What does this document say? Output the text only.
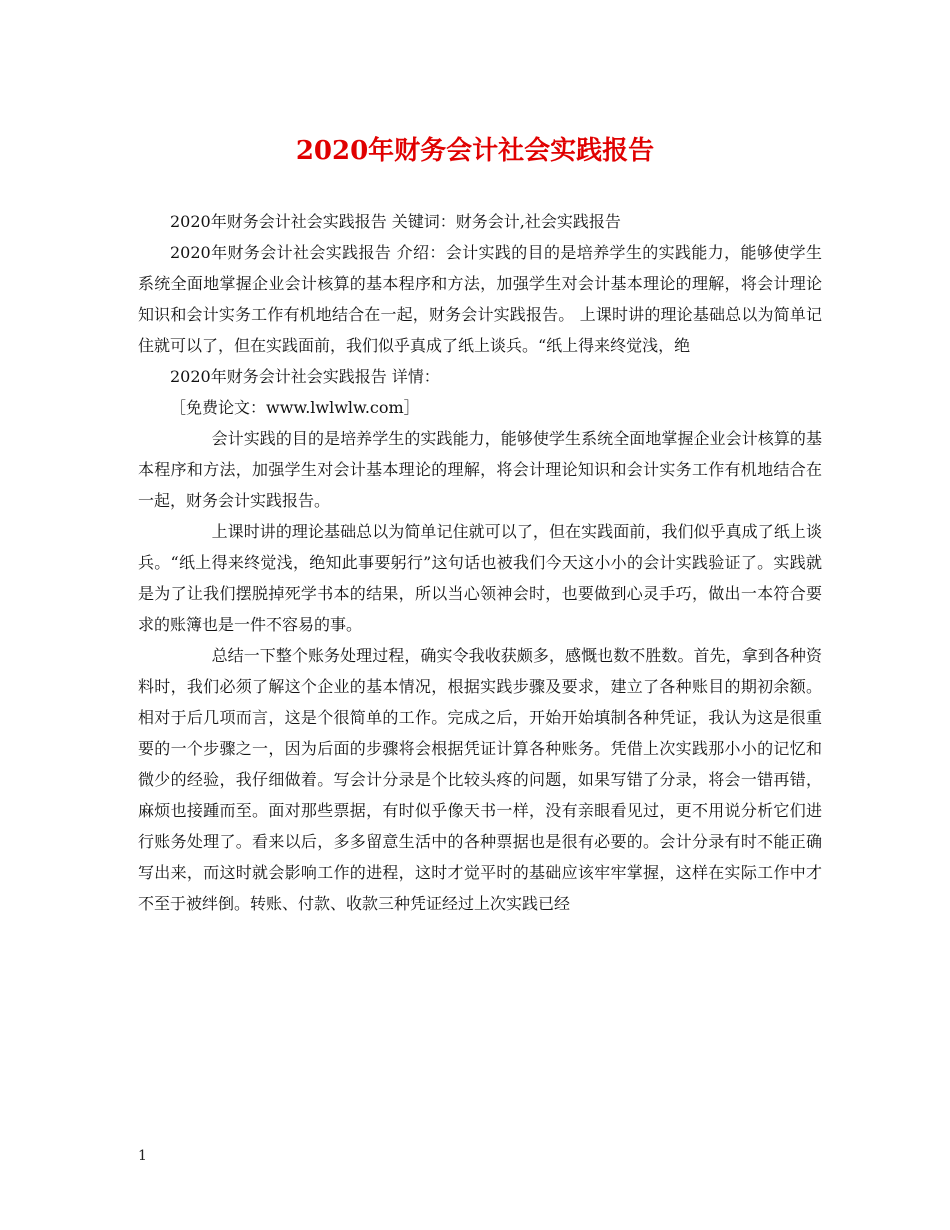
2020年财务会计社会实践报告

2020年财务会计社会实践报告 关键词：财务会计,社会实践报告

2020年财务会计社会实践报告 介绍：会计实践的目的是培养学生的实践能力，能够使学生系统全面地掌握企业会计核算的基本程序和方法，加强学生对会计基本理论的理解，将会计理论知识和会计实务工作有机地结合在一起，财务会计实践报告。 上课时讲的理论基础总以为简单记住就可以了，但在实践面前，我们似乎真成了纸上谈兵。“纸上得来终觉浅，绝

2020年财务会计社会实践报告 详情：

［免费论文：www.lwlwlw.com］

会计实践的目的是培养学生的实践能力，能够使学生系统全面地掌握企业会计核算的基本程序和方法，加强学生对会计基本理论的理解，将会计理论知识和会计实务工作有机地结合在一起，财务会计实践报告。

上课时讲的理论基础总以为简单记住就可以了，但在实践面前，我们似乎真成了纸上谈兵。“纸上得来终觉浅，绝知此事要躬行”这句话也被我们今天这小小的会计实践验证了。实践就是为了让我们摆脱掉死学书本的结果，所以当心领神会时，也要做到心灵手巧，做出一本符合要求的账簿也是一件不容易的事。

总结一下整个账务处理过程，确实令我收获颇多，感慨也数不胜数。首先，拿到各种资料时，我们必须了解这个企业的基本情况，根据实践步骤及要求，建立了各种账目的期初余额。相对于后几项而言，这是个很简单的工作。完成之后，开始开始填制各种凭证，我认为这是很重要的一个步骤之一，因为后面的步骤将会根据凭证计算各种账务。凭借上次实践那小小的记忆和微少的经验，我仔细做着。写会计分录是个比较头疼的问题，如果写错了分录，将会一错再错，麻烦也接踵而至。面对那些票据，有时似乎像天书一样，没有亲眼看见过，更不用说分析它们进行账务处理了。看来以后，多多留意生活中的各种票据也是很有必要的。会计分录有时不能正确写出来，而这时就会影响工作的进程，这时才觉平时的基础应该牢牢掌握，这样在实际工作中才不至于被绊倒。转账、付款、收款三种凭证经过上次实践已经

1
